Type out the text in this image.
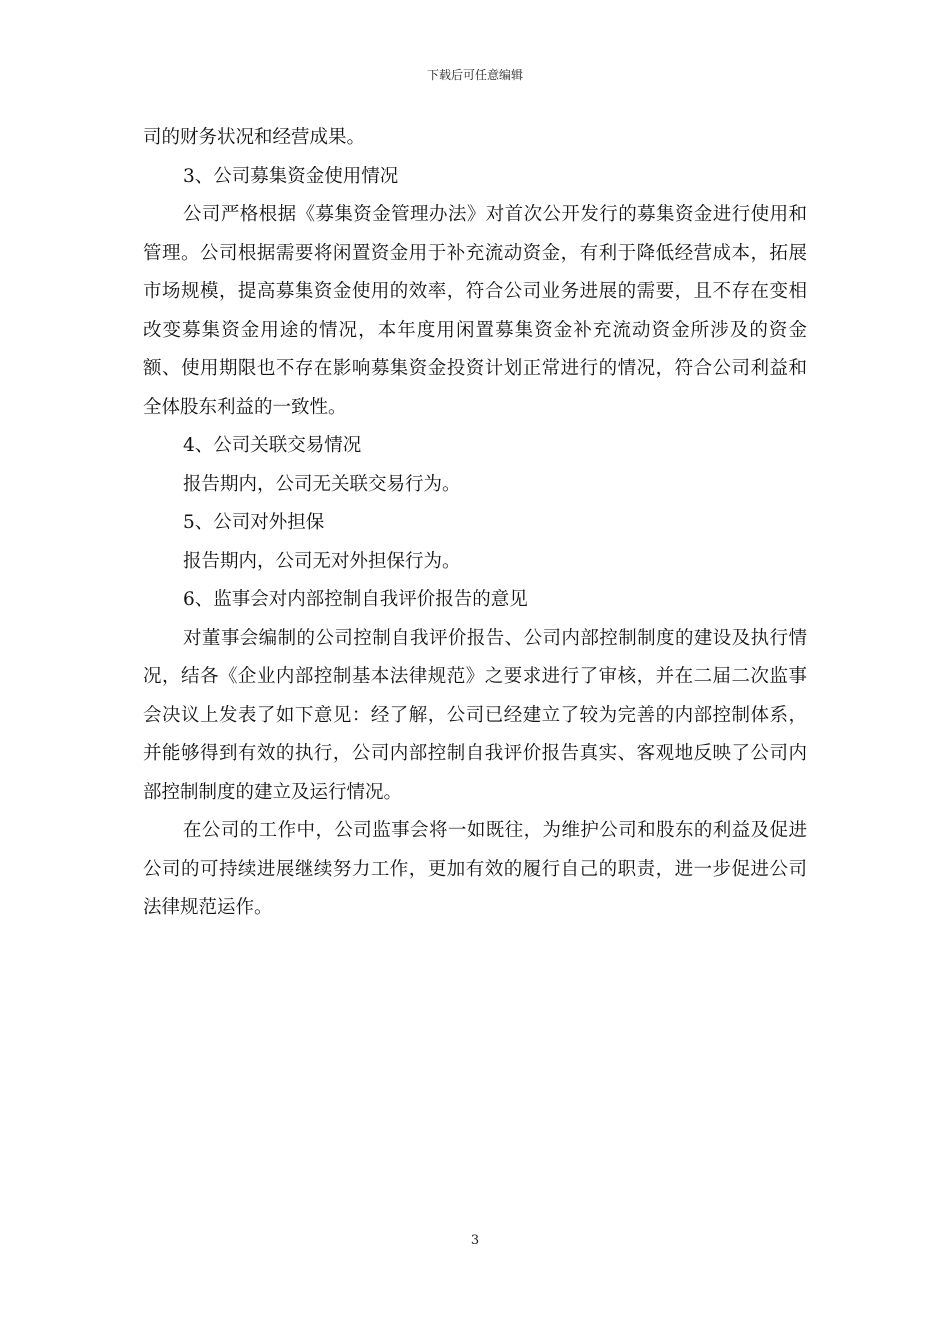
下载后可任意编辑

司的财务状况和经营成果。

3、公司募集资金使用情况

公司严格根据《募集资金管理办法》对首次公开发行的募集资金进行使用和管理。公司根据需要将闲置资金用于补充流动资金，有利于降低经营成本，拓展市场规模，提高募集资金使用的效率，符合公司业务进展的需要，且不存在变相改变募集资金用途的情况，本年度用闲置募集资金补充流动资金所涉及的资金额、使用期限也不存在影响募集资金投资计划正常进行的情况，符合公司利益和全体股东利益的一致性。

4、公司关联交易情况

报告期内，公司无关联交易行为。

5、公司对外担保

报告期内，公司无对外担保行为。

6、监事会对内部控制自我评价报告的意见

对董事会编制的公司控制自我评价报告、公司内部控制制度的建设及执行情况，结各《企业内部控制基本法律规范》之要求进行了审核，并在二届二次监事会决议上发表了如下意见：经了解，公司已经建立了较为完善的内部控制体系，并能够得到有效的执行，公司内部控制自我评价报告真实、客观地反映了公司内部控制制度的建立及运行情况。

在公司的工作中，公司监事会将一如既往，为维护公司和股东的利益及促进公司的可持续进展继续努力工作，更加有效的履行自己的职责，进一步促进公司法律规范运作。

3
